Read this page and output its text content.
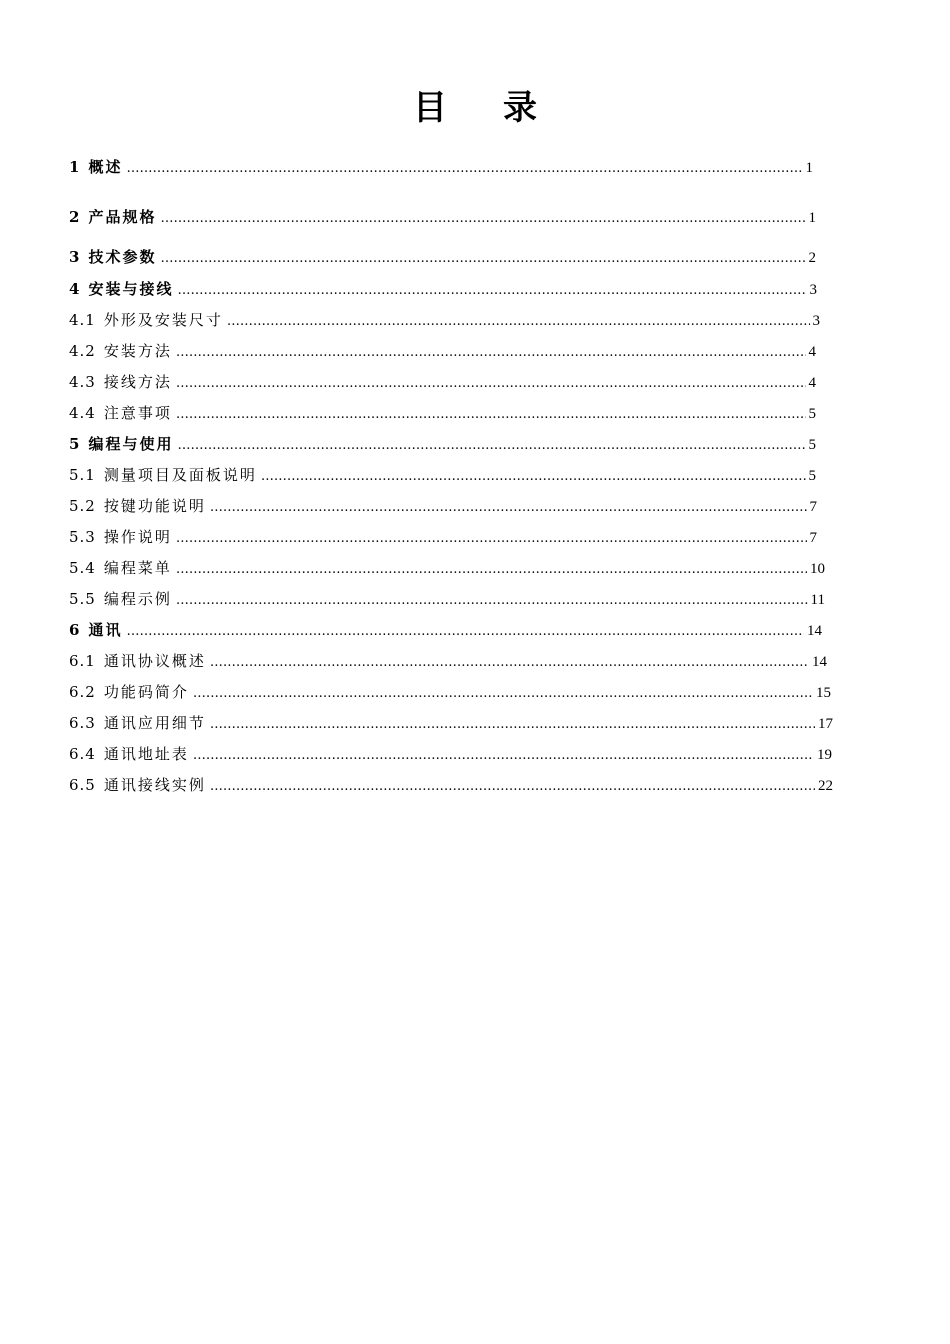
目 录
1 概述 ………………………………………………………………………………………………………………………………………………………………………………………………………………………………	1
2 产品规格 ………………………………………………………………………………………………………………………………………………………………………………………………………………………………	1
3 技术参数 ………………………………………………………………………………………………………………………………………………………………………………………………………………………………	2
4 安装与接线 ………………………………………………………………………………………………………………………………………………………………………………………………………………………………	3
4.1 外形及安装尺寸 ………………………………………………………………………………………………………………………………………………………………………………………………………………………………	3
4.2 安装方法 ………………………………………………………………………………………………………………………………………………………………………………………………………………………………	4
4.3 接线方法 ………………………………………………………………………………………………………………………………………………………………………………………………………………………………	4
4.4 注意事项 ………………………………………………………………………………………………………………………………………………………………………………………………………………………………	5
5 编程与使用 ………………………………………………………………………………………………………………………………………………………………………………………………………………………………	5
5.1 测量项目及面板说明 ………………………………………………………………………………………………………………………………………………………………………………………………………………………………	5
5.2 按键功能说明 ………………………………………………………………………………………………………………………………………………………………………………………………………………………………	7
5.3 操作说明 ………………………………………………………………………………………………………………………………………………………………………………………………………………………………	7
5.4 编程菜单 ………………………………………………………………………………………………………………………………………………………………………………………………………………………………	10
5.5 编程示例 ………………………………………………………………………………………………………………………………………………………………………………………………………………………………	11
6 通讯 ………………………………………………………………………………………………………………………………………………………………………………………………………………………………	14
6.1 通讯协议概述 ………………………………………………………………………………………………………………………………………………………………………………………………………………………………	14
6.2 功能码简介 ………………………………………………………………………………………………………………………………………………………………………………………………………………………………	15
6.3 通讯应用细节 ………………………………………………………………………………………………………………………………………………………………………………………………………………………………	17
6.4 通讯地址表 ………………………………………………………………………………………………………………………………………………………………………………………………………………………………	19
6.5 通讯接线实例 ………………………………………………………………………………………………………………………………………………………………………………………………………………………………	22
